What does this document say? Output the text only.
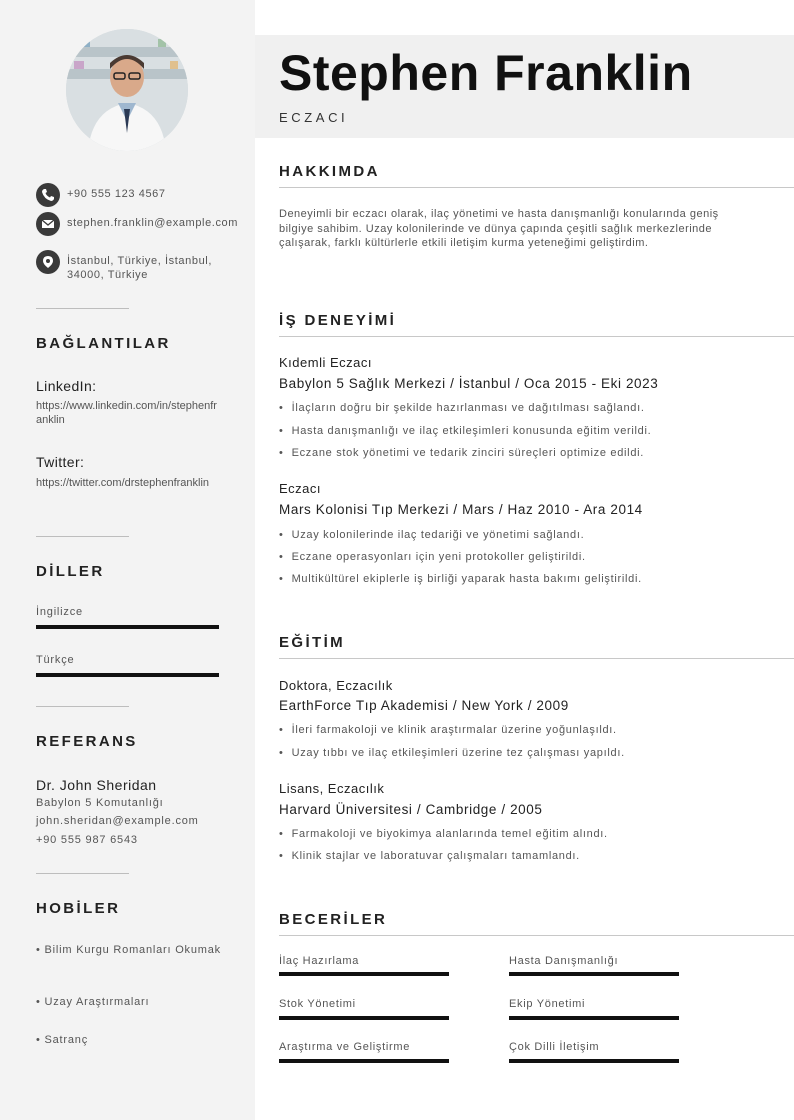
+90 555 123 4567
stephen.franklin@example.com
İstanbul, Türkiye, İstanbul, 34000, Türkiye
BAĞLANTILAR
LinkedIn:
https://www.linkedin.com/in/stephenfranklin
Twitter:
https://twitter.com/drstephenfranklin
DİLLER
İngilizce
Türkçe
REFERANS
Dr. John Sheridan
Babylon 5 Komutanlığı
john.sheridan@example.com
+90 555 987 6543
HOBİLER
• Bilim Kurgu Romanları Okumak
• Uzay Araştırmaları
• Satranç
Stephen Franklin
ECZACI
HAKKIMDA
Deneyimli bir eczacı olarak, ilaç yönetimi ve hasta danışmanlığı konularında geniş bilgiye sahibim. Uzay kolonilerinde ve dünya çapında çeşitli sağlık merkezlerinde çalışarak, farklı kültürlerle etkili iletişim kurma yeteneğimi geliştirdim.
İŞ DENEYİMİ
Kıdemli Eczacı
Babylon 5 Sağlık Merkezi / İstanbul / Oca 2015 - Eki 2023
• İlaçların doğru bir şekilde hazırlanması ve dağıtılması sağlandı.
• Hasta danışmanlığı ve ilaç etkileşimleri konusunda eğitim verildi.
• Eczane stok yönetimi ve tedarik zinciri süreçleri optimize edildi.
Eczacı
Mars Kolonisi Tıp Merkezi / Mars / Haz 2010 - Ara 2014
• Uzay kolonilerinde ilaç tedariği ve yönetimi sağlandı.
• Eczane operasyonları için yeni protokoller geliştirildi.
• Multikültürel ekiplerle iş birliği yaparak hasta bakımı geliştirildi.
EĞİTİM
Doktora, Eczacılık
EarthForce Tıp Akademisi / New York / 2009
• İleri farmakoloji ve klinik araştırmalar üzerine yoğunlaşıldı.
• Uzay tıbbı ve ilaç etkileşimleri üzerine tez çalışması yapıldı.
Lisans, Eczacılık
Harvard Üniversitesi / Cambridge / 2005
• Farmakoloji ve biyokimya alanlarında temel eğitim alındı.
• Klinik stajlar ve laboratuvar çalışmaları tamamlandı.
BECERİLER
İlaç Hazırlama	Hasta Danışmanlığı
Stok Yönetimi	Ekip Yönetimi
Araştırma ve Geliştirme	Çok Dilli İletişim
